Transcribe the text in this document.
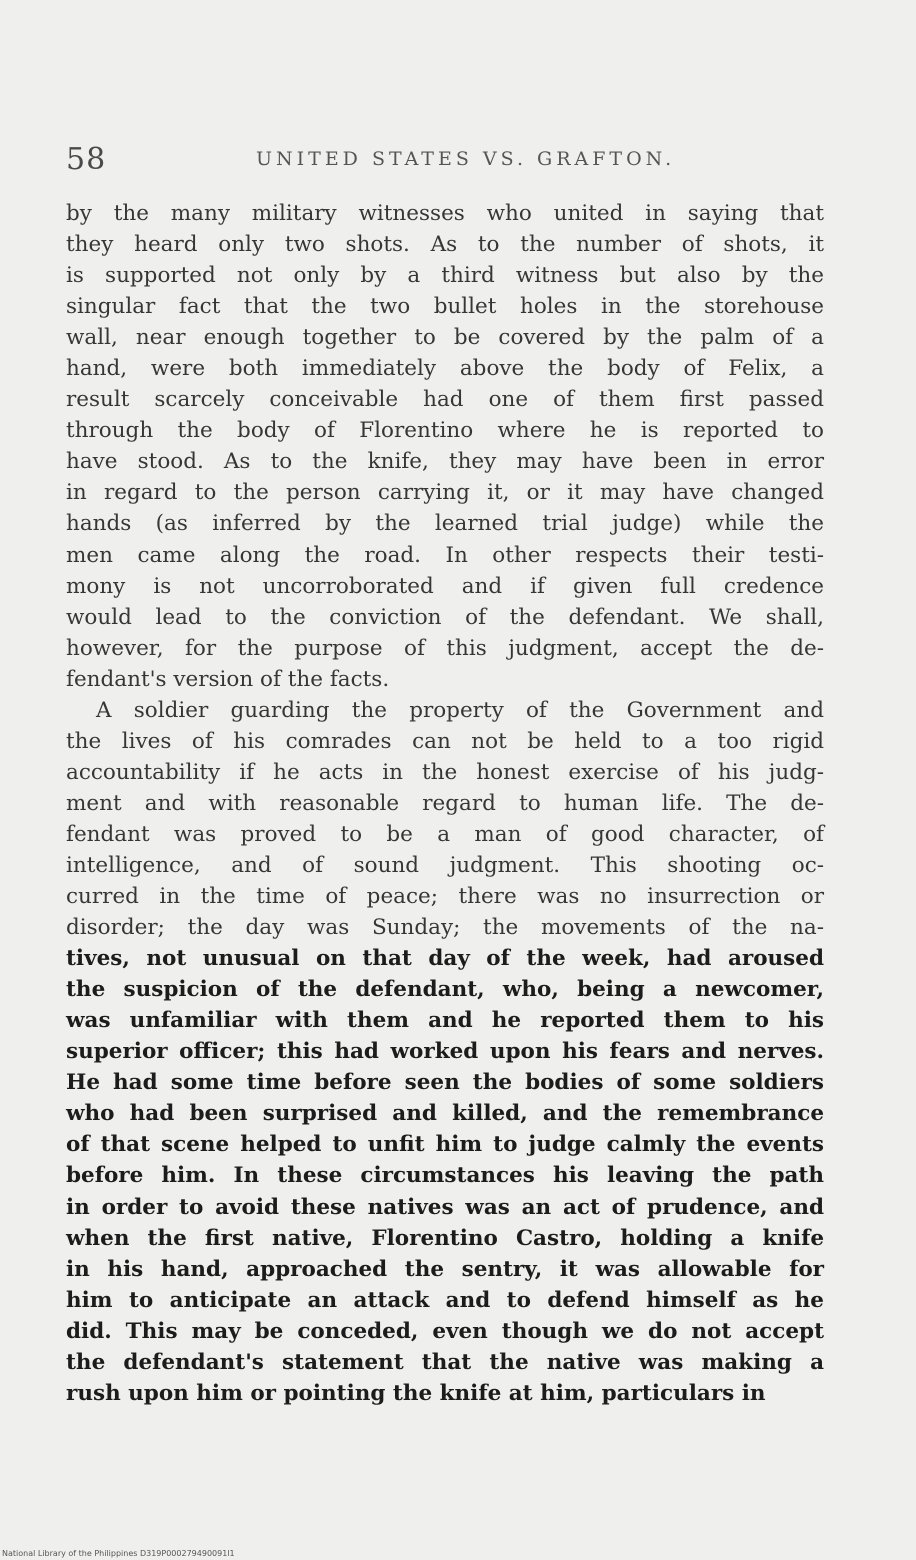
58	UNITED STATES VS. GRAFTON.
by the many military witnesses who united in saying that
they heard only two shots. As to the number of shots, it
is supported not only by a third witness but also by the
singular fact that the two bullet holes in the storehouse
wall, near enough together to be covered by the palm of a
hand, were both immediately above the body of Felix, a
result scarcely conceivable had one of them first passed
through the body of Florentino where he is reported to
have stood. As to the knife, they may have been in error
in regard to the person carrying it, or it may have changed
hands (as inferred by the learned trial judge) while the
men came along the road. In other respects their testi-
mony is not uncorroborated and if given full credence
would lead to the conviction of the defendant. We shall,
however, for the purpose of this judgment, accept the de-
fendant's version of the facts.
A soldier guarding the property of the Government and
the lives of his comrades can not be held to a too rigid
accountability if he acts in the honest exercise of his judg-
ment and with reasonable regard to human life. The de-
fendant was proved to be a man of good character, of
intelligence, and of sound judgment. This shooting oc-
curred in the time of peace; there was no insurrection or
disorder; the day was Sunday; the movements of the na-
tives, not unusual on that day of the week, had aroused
the suspicion of the defendant, who, being a newcomer,
was unfamiliar with them and he reported them to his
superior officer; this had worked upon his fears and nerves.
He had some time before seen the bodies of some soldiers
who had been surprised and killed, and the remembrance
of that scene helped to unfit him to judge calmly the events
before him. In these circumstances his leaving the path
in order to avoid these natives was an act of prudence, and
when the first native, Florentino Castro, holding a knife
in his hand, approached the sentry, it was allowable for
him to anticipate an attack and to defend himself as he
did. This may be conceded, even though we do not accept
the defendant's statement that the native was making a
rush upon him or pointing the knife at him, particulars in
National Library of the Philippines D319P000279490091l1
